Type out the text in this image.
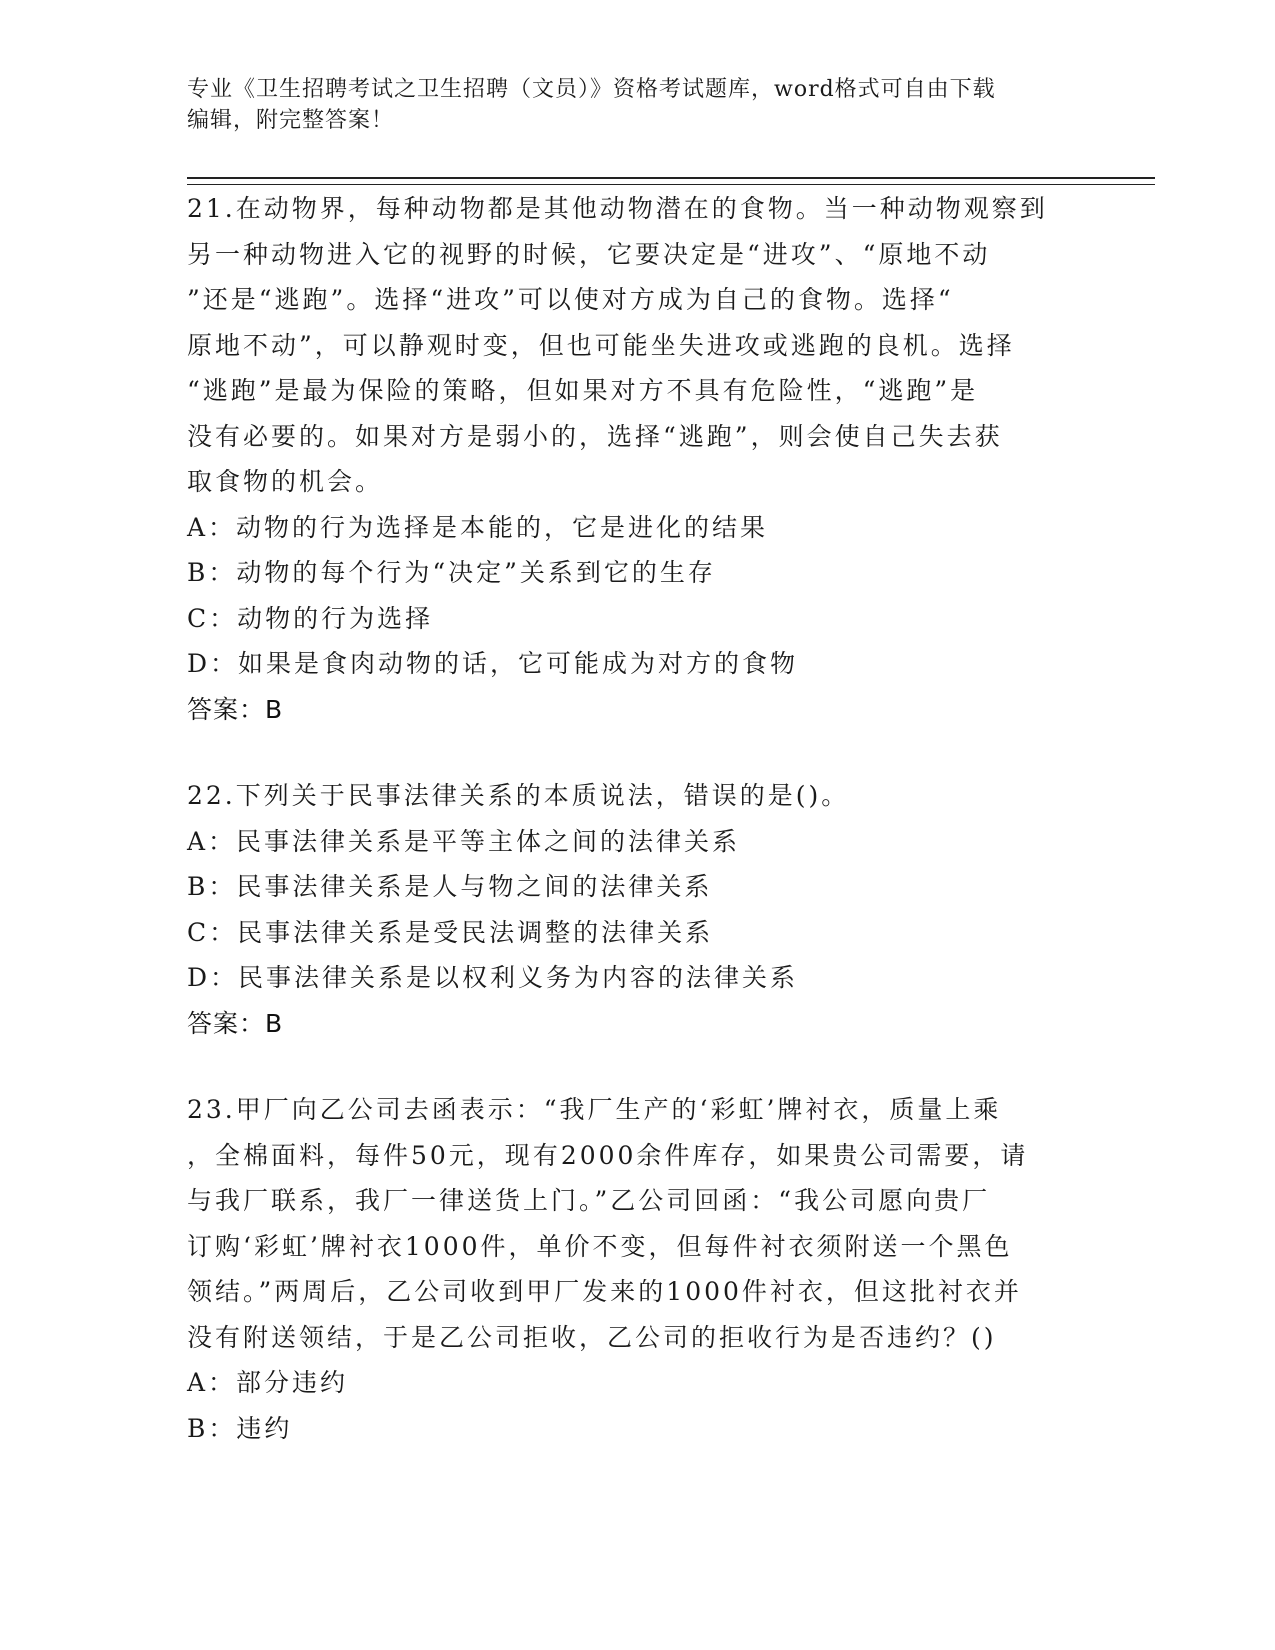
专业《卫生招聘考试之卫生招聘（文员）》资格考试题库，word格式可自由下载
编辑，附完整答案！
21.在动物界，每种动物都是其他动物潜在的食物。当一种动物观察到
另一种动物进入它的视野的时候，它要决定是“进攻”、“原地不动
”还是“逃跑”。选择“进攻”可以使对方成为自己的食物。选择“
原地不动”，可以静观时变，但也可能坐失进攻或逃跑的良机。选择
“逃跑”是最为保险的策略，但如果对方不具有危险性，“逃跑”是
没有必要的。如果对方是弱小的，选择“逃跑”，则会使自己失去获
取食物的机会。
A：动物的行为选择是本能的，它是进化的结果
B：动物的每个行为“决定”关系到它的生存
C：动物的行为选择
D：如果是食肉动物的话，它可能成为对方的食物
答案：B
22.下列关于民事法律关系的本质说法，错误的是()。
A：民事法律关系是平等主体之间的法律关系
B：民事法律关系是人与物之间的法律关系
C：民事法律关系是受民法调整的法律关系
D：民事法律关系是以权利义务为内容的法律关系
答案：B
23.甲厂向乙公司去函表示：“我厂生产的‘彩虹’牌衬衣，质量上乘
，全棉面料，每件50元，现有2000余件库存，如果贵公司需要，请
与我厂联系，我厂一律送货上门。”乙公司回函：“我公司愿向贵厂
订购‘彩虹’牌衬衣1000件，单价不变，但每件衬衣须附送一个黑色
领结。”两周后，乙公司收到甲厂发来的1000件衬衣，但这批衬衣并
没有附送领结，于是乙公司拒收，乙公司的拒收行为是否违约？()
A：部分违约
B：违约
